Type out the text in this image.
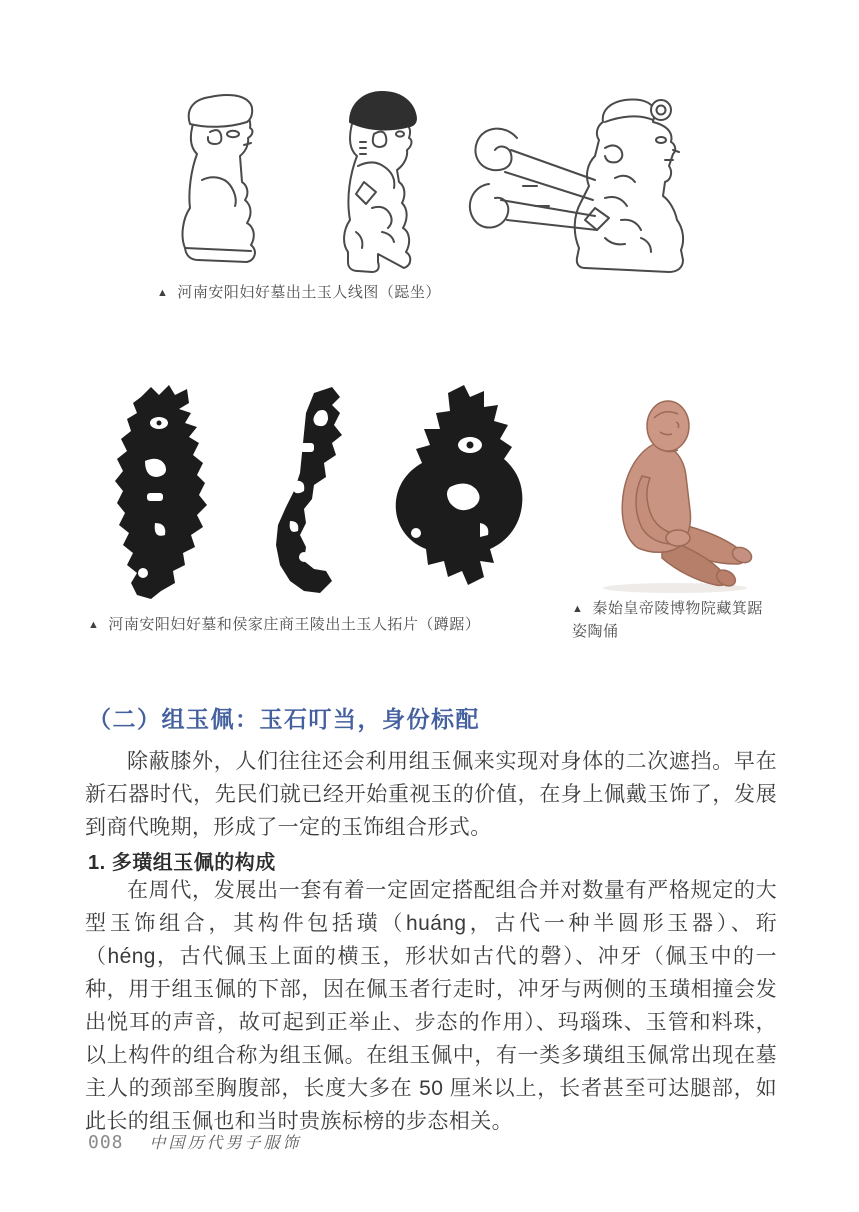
▲ 河南安阳妇好墓出土玉人线图（跽坐）
▲ 河南安阳妇好墓和侯家庄商王陵出土玉人拓片（蹲踞）
▲ 秦始皇帝陵博物院藏箕踞姿陶俑
（二）组玉佩：玉石叮当，身份标配

除蔽膝外，人们往往还会利用组玉佩来实现对身体的二次遮挡。早在新石器时代，先民们就已经开始重视玉的价值，在身上佩戴玉饰了，发展到商代晚期，形成了一定的玉饰组合形式。

1. 多璜组玉佩的构成

在周代，发展出一套有着一定固定搭配组合并对数量有严格规定的大型玉饰组合，其构件包括璜（huáng，古代一种半圆形玉器）、珩（héng，古代佩玉上面的横玉，形状如古代的磬）、冲牙（佩玉中的一种，用于组玉佩的下部，因在佩玉者行走时，冲牙与两侧的玉璜相撞会发出悦耳的声音，故可起到正举止、步态的作用）、玛瑙珠、玉管和料珠，以上构件的组合称为组玉佩。在组玉佩中，有一类多璜组玉佩常出现在墓主人的颈部至胸腹部，长度大多在 50 厘米以上，长者甚至可达腿部，如此长的组玉佩也和当时贵族标榜的步态相关。

008 中国历代男子服饰
